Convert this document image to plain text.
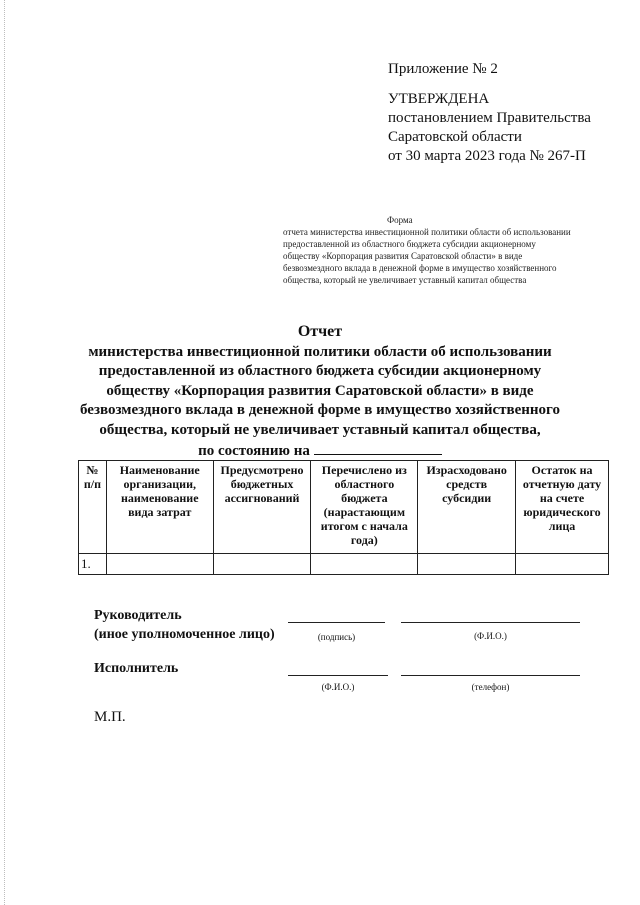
Приложение № 2
УТВЕРЖДЕНА
постановлением Правительства
Саратовской области
от 30 марта 2023 года № 267-П
Форма
отчета министерства инвестиционной политики области об использовании
предоставленной из областного бюджета субсидии акционерному
обществу «Корпорация развития Саратовской области» в виде
безвозмездного вклада в денежной форме в имущество хозяйственного
общества, который не увеличивает уставный капитал общества
Отчет
министерства инвестиционной политики области об использовании
предоставленной из областного бюджета субсидии акционерному
обществу «Корпорация развития Саратовской области» в виде
безвозмездного вклада в денежной форме в имущество хозяйственного
общества, который не увеличивает уставный капитал общества,
по состоянию на
№ п/п	Наименование организации, наименование вида затрат	Предусмотрено бюджетных ассигнований	Перечислено из областного бюджета (нарастающим итогом с начала года)	Израсходовано средств субсидии	Остаток на отчетную дату на счете юридического лица
1.					
Руководитель
(иное уполномоченное лицо)	(подпись)	(Ф.И.О.)
Исполнитель
(Ф.И.О.)	(телефон)
М.П.
